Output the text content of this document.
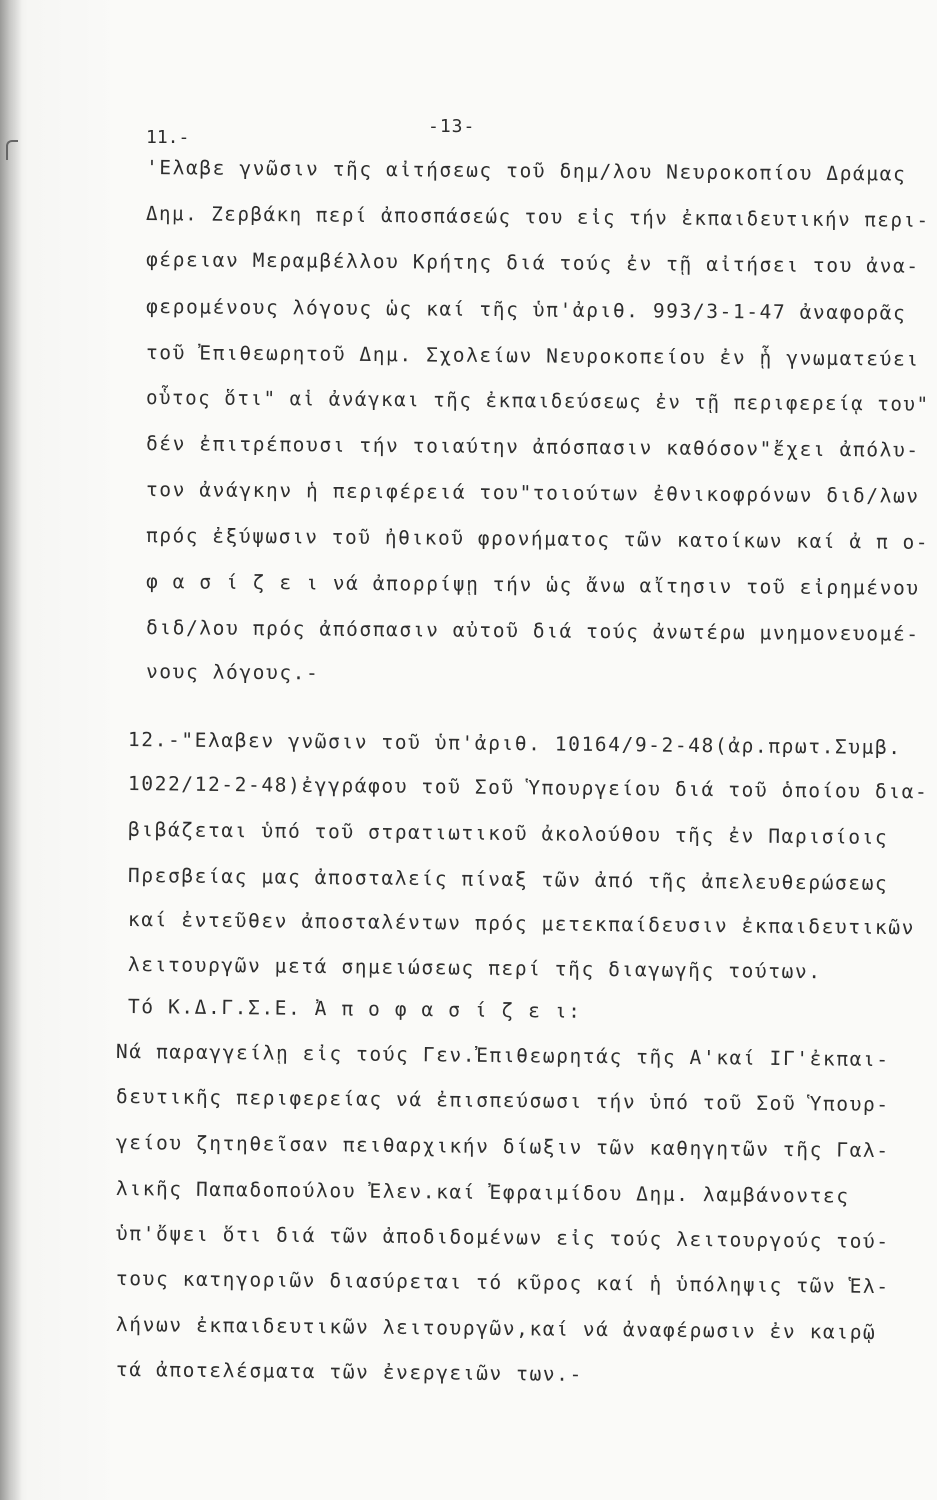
-13-
11.-
'Ελαβε γνῶσιν τῆς αἰτήσεως τοῦ δημ/λου Νευροκοπίου Δράμας
Δημ. Ζερβάκη περί ἀποσπάσεώς του εἰς τήν ἐκπαιδευτικήν περι-
φέρειαν Μεραμβέλλου Κρήτης διά τούς ἐν τῇ αἰτήσει του ἀνα-
φερομένους λόγους ὡς καί τῆς ὑπ'ἀριθ. 993/3-1-47 ἀναφορᾶς
τοῦ Ἐπιθεωρητοῦ Δημ. Σχολείων Νευροκοπείου ἐν ᾗ γνωματεύει
οὗτος ὅτι" αἱ ἀνάγκαι τῆς ἐκπαιδεύσεως ἐν τῇ περιφερείᾳ του"
δέν ἐπιτρέπουσι τήν τοιαύτην ἀπόσπασιν καθόσον"ἔχει ἀπόλυ-
τον ἀνάγκην ἡ περιφέρειά του"τοιούτων ἐθνικοφρόνων διδ/λων
πρός ἐξύψωσιν τοῦ ἠθικοῦ φρονήματος τῶν κατοίκων καί ἀ π ο-
φ α σ ί ζ ε ι νά ἀπορρίψῃ τήν ὡς ἄνω αἴτησιν τοῦ εἰρημένου
διδ/λου πρός ἀπόσπασιν αὐτοῦ διά τούς ἀνωτέρω μνημονευομέ-
νους λόγους.-
12.-"Ελαβεν γνῶσιν τοῦ ὑπ'ἀριθ. 10164/9-2-48(ἀρ.πρωτ.Συμβ.
1022/12-2-48)ἐγγράφου τοῦ Σοῦ Ὑπουργείου διά τοῦ ὁποίου δια-
βιβάζεται ὑπό τοῦ στρατιωτικοῦ ἀκολούθου τῆς ἐν Παρισίοις
Πρεσβείας μας ἀποσταλείς πίναξ τῶν ἀπό τῆς ἀπελευθερώσεως
καί ἐντεῦθεν ἀποσταλέντων πρός μετεκπαίδευσιν ἐκπαιδευτικῶν
λειτουργῶν μετά σημειώσεως περί τῆς διαγωγῆς τούτων.
Τό Κ.Δ.Γ.Σ.Ε. Ἀ π ο φ α σ ί ζ ε ι:
Νά παραγγείλῃ εἰς τούς Γεν.Ἐπιθεωρητάς τῆς Α'καί ΙΓ'ἐκπαι-
δευτικῆς περιφερείας νά ἐπισπεύσωσι τήν ὑπό τοῦ Σοῦ Ὑπουρ-
γείου ζητηθεῖσαν πειθαρχικήν δίωξιν τῶν καθηγητῶν τῆς Γαλ-
λικῆς Παπαδοπούλου Ἐλεν.καί Ἐφραιμίδου Δημ. λαμβάνοντες
ὑπ'ὄψει ὅτι διά τῶν ἀποδιδομένων εἰς τούς λειτουργούς τού-
τους κατηγοριῶν διασύρεται τό κῦρος καί ἡ ὑπόληψις τῶν Ἑλ-
λήνων ἐκπαιδευτικῶν λειτουργῶν,καί νά ἀναφέρωσιν ἐν καιρῷ
τά ἀποτελέσματα τῶν ἐνεργειῶν των.-
